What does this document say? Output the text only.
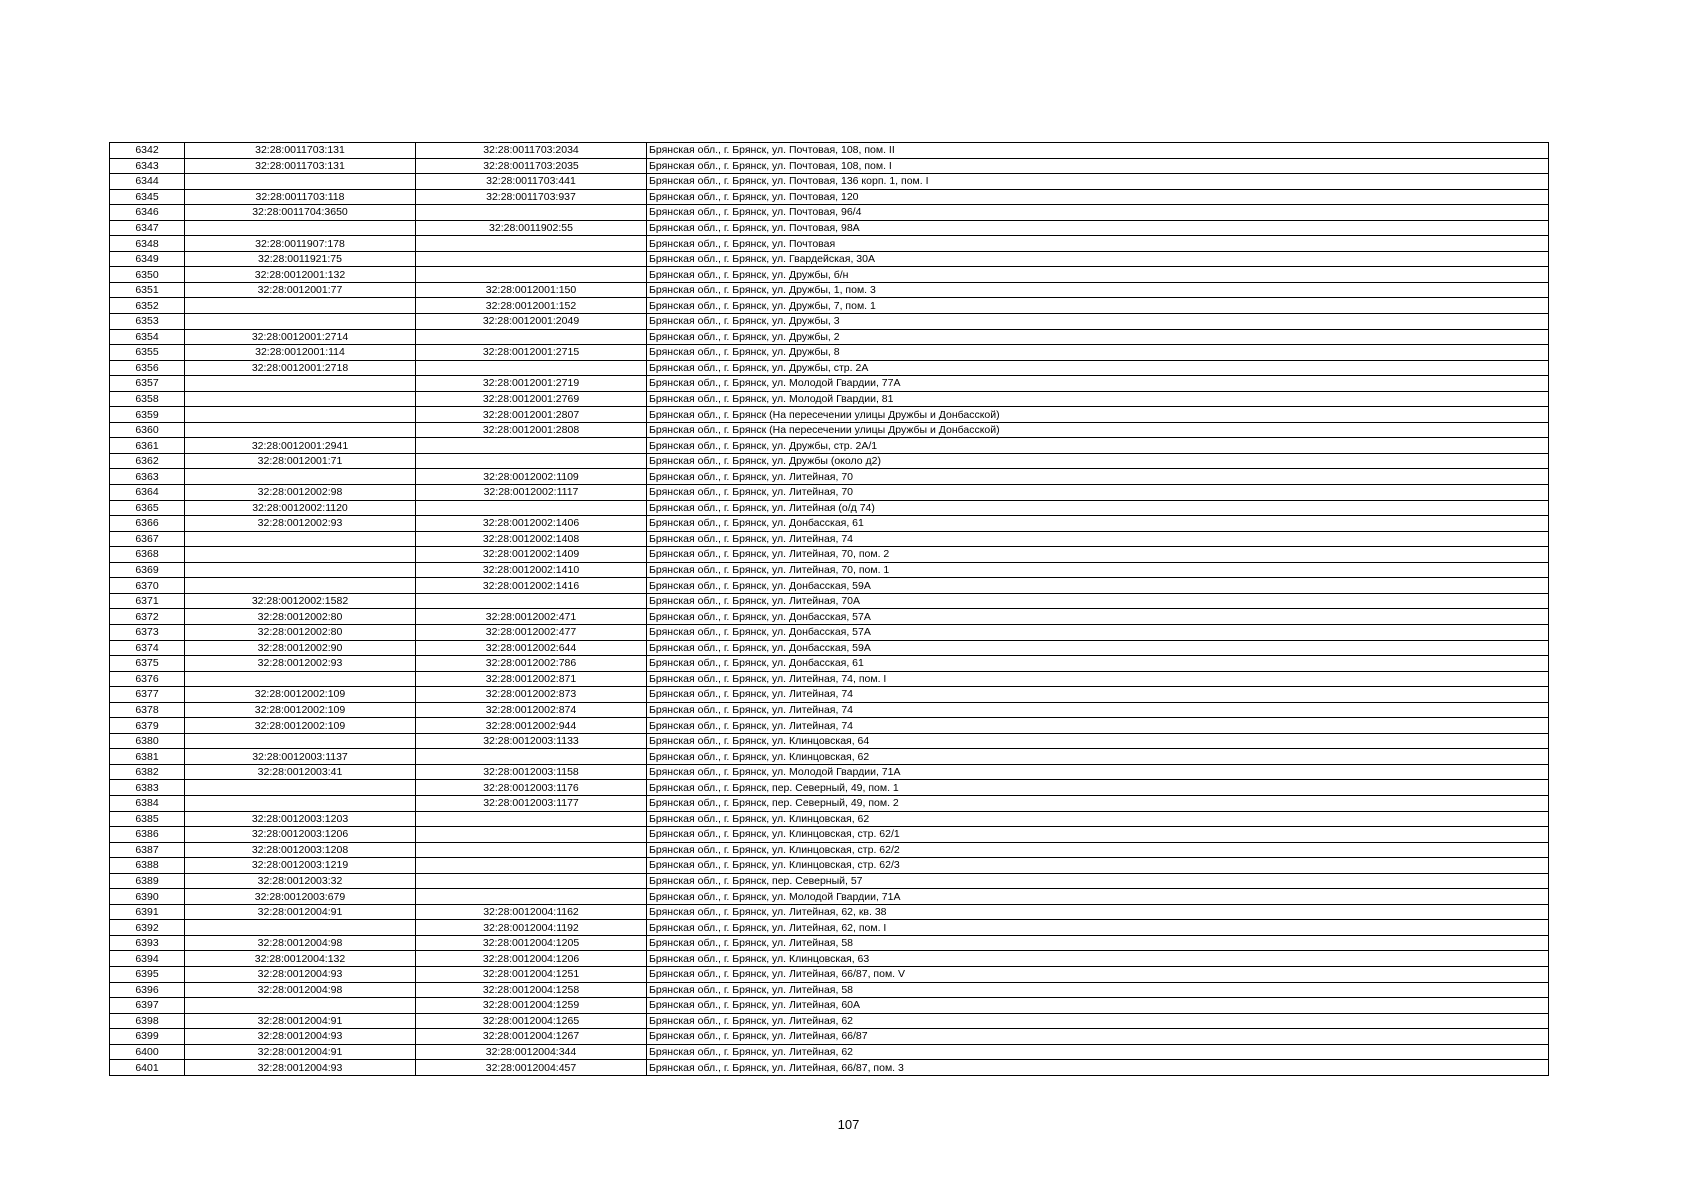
6342	32:28:0011703:131	32:28:0011703:2034	Брянская обл., г. Брянск, ул. Почтовая, 108, пом. II
6343	32:28:0011703:131	32:28:0011703:2035	Брянская обл., г. Брянск, ул. Почтовая, 108, пом. I
6344		32:28:0011703:441	Брянская обл., г. Брянск, ул. Почтовая, 136 корп. 1, пом. I
6345	32:28:0011703:118	32:28:0011703:937	Брянская обл., г. Брянск, ул. Почтовая, 120
6346	32:28:0011704:3650		Брянская обл., г. Брянск, ул. Почтовая, 96/4
6347		32:28:0011902:55	Брянская обл., г. Брянск, ул. Почтовая, 98А
6348	32:28:0011907:178		Брянская обл., г. Брянск, ул. Почтовая
6349	32:28:0011921:75		Брянская обл., г. Брянск, ул. Гвардейская, 30А
6350	32:28:0012001:132		Брянская обл., г. Брянск, ул. Дружбы, б/н
6351	32:28:0012001:77	32:28:0012001:150	Брянская обл., г. Брянск, ул. Дружбы, 1, пом. 3
6352		32:28:0012001:152	Брянская обл., г. Брянск, ул. Дружбы, 7, пом. 1
6353		32:28:0012001:2049	Брянская обл., г. Брянск, ул. Дружбы, 3
6354	32:28:0012001:2714		Брянская обл., г. Брянск, ул. Дружбы, 2
6355	32:28:0012001:114	32:28:0012001:2715	Брянская обл., г. Брянск, ул. Дружбы, 8
6356	32:28:0012001:2718		Брянская обл., г. Брянск, ул. Дружбы, стр. 2А
6357		32:28:0012001:2719	Брянская обл., г. Брянск, ул. Молодой Гвардии, 77А
6358		32:28:0012001:2769	Брянская обл., г. Брянск, ул. Молодой Гвардии, 81
6359		32:28:0012001:2807	Брянская обл., г. Брянск (На пересечении улицы Дружбы и Донбасской)
6360		32:28:0012001:2808	Брянская обл., г. Брянск (На пересечении улицы Дружбы и Донбасской)
6361	32:28:0012001:2941		Брянская обл., г. Брянск, ул. Дружбы, стр. 2А/1
6362	32:28:0012001:71		Брянская обл., г. Брянск, ул. Дружбы (около д2)
6363		32:28:0012002:1109	Брянская обл., г. Брянск, ул. Литейная, 70
6364	32:28:0012002:98	32:28:0012002:1117	Брянская обл., г. Брянск, ул. Литейная, 70
6365	32:28:0012002:1120		Брянская обл., г. Брянск, ул. Литейная (о/д 74)
6366	32:28:0012002:93	32:28:0012002:1406	Брянская обл., г. Брянск, ул. Донбасская, 61
6367		32:28:0012002:1408	Брянская обл., г. Брянск, ул. Литейная, 74
6368		32:28:0012002:1409	Брянская обл., г. Брянск, ул. Литейная, 70, пом. 2
6369		32:28:0012002:1410	Брянская обл., г. Брянск, ул. Литейная, 70, пом. 1
6370		32:28:0012002:1416	Брянская обл., г. Брянск, ул. Донбасская, 59А
6371	32:28:0012002:1582		Брянская обл., г. Брянск, ул. Литейная, 70А
6372	32:28:0012002:80	32:28:0012002:471	Брянская обл., г. Брянск, ул. Донбасская, 57А
6373	32:28:0012002:80	32:28:0012002:477	Брянская обл., г. Брянск, ул. Донбасская, 57А
6374	32:28:0012002:90	32:28:0012002:644	Брянская обл., г. Брянск, ул. Донбасская, 59А
6375	32:28:0012002:93	32:28:0012002:786	Брянская обл., г. Брянск, ул. Донбасская, 61
6376		32:28:0012002:871	Брянская обл., г. Брянск, ул. Литейная, 74, пом. I
6377	32:28:0012002:109	32:28:0012002:873	Брянская обл., г. Брянск, ул. Литейная, 74
6378	32:28:0012002:109	32:28:0012002:874	Брянская обл., г. Брянск, ул. Литейная, 74
6379	32:28:0012002:109	32:28:0012002:944	Брянская обл., г. Брянск, ул. Литейная, 74
6380		32:28:0012003:1133	Брянская обл., г. Брянск, ул. Клинцовская, 64
6381	32:28:0012003:1137		Брянская обл., г. Брянск, ул. Клинцовская, 62
6382	32:28:0012003:41	32:28:0012003:1158	Брянская обл., г. Брянск, ул. Молодой Гвардии, 71А
6383		32:28:0012003:1176	Брянская обл., г. Брянск, пер. Северный, 49, пом. 1
6384		32:28:0012003:1177	Брянская обл., г. Брянск, пер. Северный, 49, пом. 2
6385	32:28:0012003:1203		Брянская обл., г. Брянск, ул. Клинцовская, 62
6386	32:28:0012003:1206		Брянская обл., г. Брянск, ул. Клинцовская, стр. 62/1
6387	32:28:0012003:1208		Брянская обл., г. Брянск, ул. Клинцовская, стр. 62/2
6388	32:28:0012003:1219		Брянская обл., г. Брянск, ул. Клинцовская, стр. 62/3
6389	32:28:0012003:32		Брянская обл., г. Брянск, пер. Северный, 57
6390	32:28:0012003:679		Брянская обл., г. Брянск, ул. Молодой Гвардии, 71А
6391	32:28:0012004:91	32:28:0012004:1162	Брянская обл., г. Брянск, ул. Литейная, 62, кв. 38
6392		32:28:0012004:1192	Брянская обл., г. Брянск, ул. Литейная, 62, пом. I
6393	32:28:0012004:98	32:28:0012004:1205	Брянская обл., г. Брянск, ул. Литейная, 58
6394	32:28:0012004:132	32:28:0012004:1206	Брянская обл., г. Брянск, ул. Клинцовская, 63
6395	32:28:0012004:93	32:28:0012004:1251	Брянская обл., г. Брянск, ул. Литейная, 66/87, пом. V
6396	32:28:0012004:98	32:28:0012004:1258	Брянская обл., г. Брянск, ул. Литейная, 58
6397		32:28:0012004:1259	Брянская обл., г. Брянск, ул. Литейная, 60А
6398	32:28:0012004:91	32:28:0012004:1265	Брянская обл., г. Брянск, ул. Литейная, 62
6399	32:28:0012004:93	32:28:0012004:1267	Брянская обл., г. Брянск, ул. Литейная, 66/87
6400	32:28:0012004:91	32:28:0012004:344	Брянская обл., г. Брянск, ул. Литейная, 62
6401	32:28:0012004:93	32:28:0012004:457	Брянская обл., г. Брянск, ул. Литейная, 66/87, пом. 3
107
